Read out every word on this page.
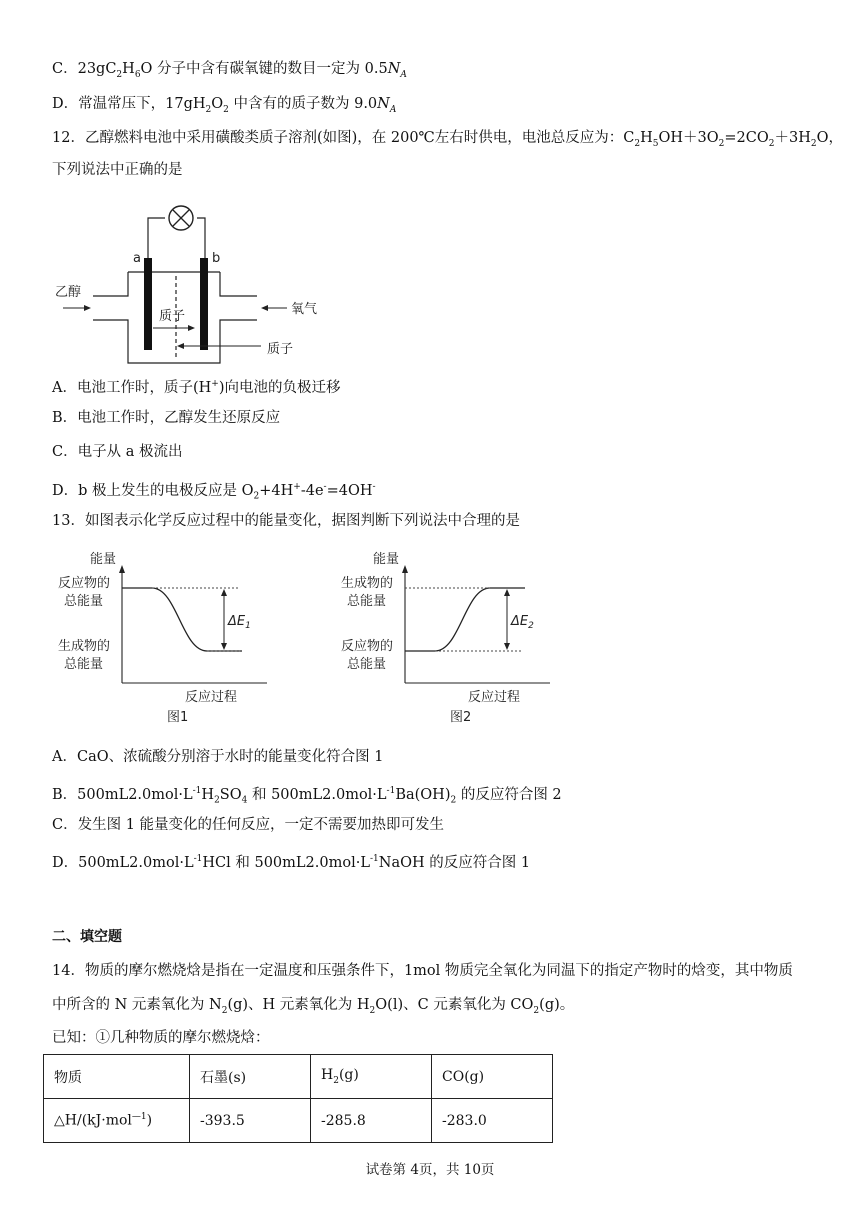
C．$23gC_2H_6O$ 分子中含有碳氧键的数目一定为 $0.5N_A$
D．常温常压下，$17gH_2O_2$ 中含有的质子数为 $9.0N_A$
12．乙醇燃料电池中采用磺酸类质子溶剂(如图)，在 200℃左右时供电，电池总反应为：$C_2H_5OH+3O_2=2CO_2+3H_2O$，
下列说法中正确的是
a	b
乙醇
氧气
质子
质子
A．电池工作时，质子(H+)向电池的负极迁移
B．电池工作时，乙醇发生还原反应
C．电子从 a 极流出
D．b 极上发生的电极反应是 $O_2+4H^+-4e^-=4OH^-$
13．如图表示化学反应过程中的能量变化，据图判断下列说法中合理的是
能量
反应物的
总能量
生成物的
总能量
$\Delta E_1$
反应过程
图1
能量
生成物的
总能量
反应物的
总能量
$\Delta E_2$
反应过程
图2
A．CaO、浓硫酸分别溶于水时的能量变化符合图 1
B．$500mL2.0mol\cdot L^{-1}H_2SO_4$ 和 $500mL2.0mol\cdot L^{-1}Ba(OH)_2$ 的反应符合图 2
C．发生图 1 能量变化的任何反应，一定不需要加热即可发生
D．$500mL2.0mol\cdot L^{-1}HCl$ 和 $500mL2.0mol\cdot L^{-1}NaOH$ 的反应符合图 1
二、填空题
14．物质的摩尔燃烧焓是指在一定温度和压强条件下，1mol 物质完全氧化为同温下的指定产物时的焓变，其中物质
中所含的 N 元素氧化为 $N_2(g)$、H 元素氧化为 $H_2O(l)$、C 元素氧化为 $CO_2(g)$。
已知：①几种物质的摩尔燃烧焓：
物质	石墨(s)	$H_2(g)$	CO(g)
△H/(kJ·mol$^{—1}$)	-393.5	-285.8	-283.0
试卷第 4页，共 10页
